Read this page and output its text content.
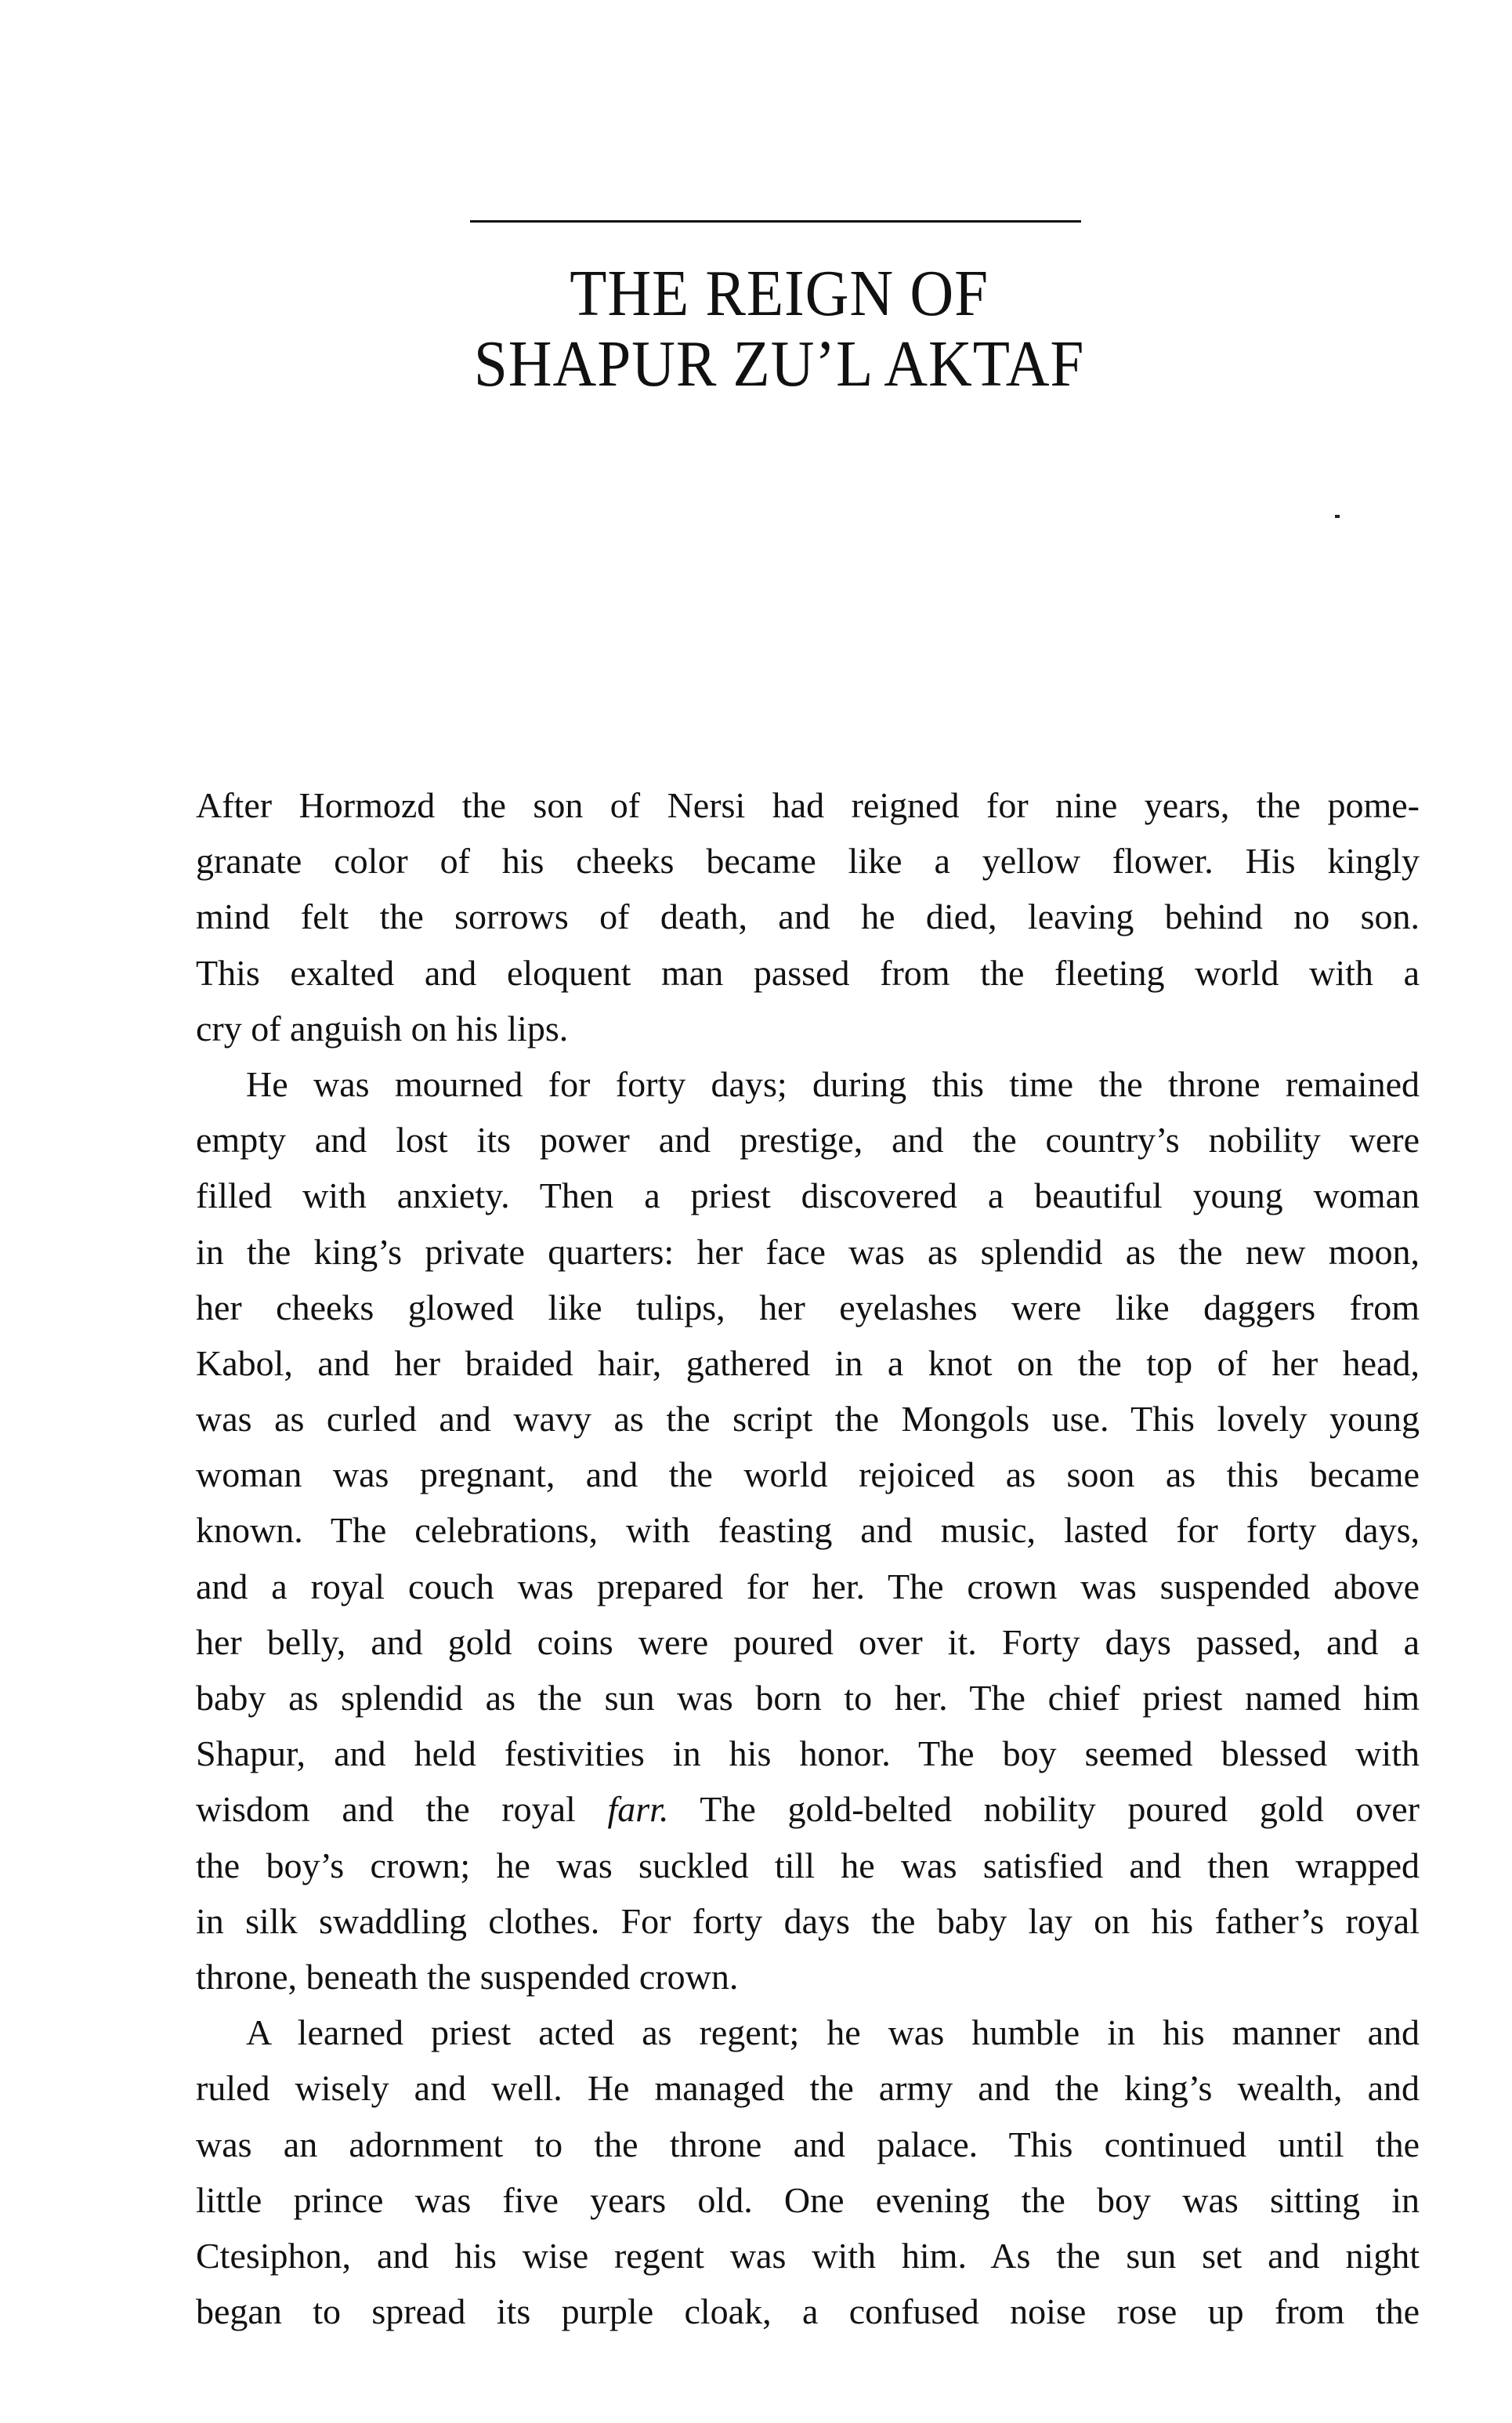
THE REIGN OF
SHAPUR ZU’L AKTAF
After Hormozd the son of Nersi had reigned for nine years, the pome-
granate color of his cheeks became like a yellow flower. His kingly
mind felt the sorrows of death, and he died, leaving behind no son.
This exalted and eloquent man passed from the fleeting world with a
cry of anguish on his lips.
He was mourned for forty days; during this time the throne remained
empty and lost its power and prestige, and the country’s nobility were
filled with anxiety. Then a priest discovered a beautiful young woman
in the king’s private quarters: her face was as splendid as the new moon,
her cheeks glowed like tulips, her eyelashes were like daggers from
Kabol, and her braided hair, gathered in a knot on the top of her head,
was as curled and wavy as the script the Mongols use. This lovely young
woman was pregnant, and the world rejoiced as soon as this became
known. The celebrations, with feasting and music, lasted for forty days,
and a royal couch was prepared for her. The crown was suspended above
her belly, and gold coins were poured over it. Forty days passed, and a
baby as splendid as the sun was born to her. The chief priest named him
Shapur, and held festivities in his honor. The boy seemed blessed with
wisdom and the royal farr. The gold-belted nobility poured gold over
the boy’s crown; he was suckled till he was satisfied and then wrapped
in silk swaddling clothes. For forty days the baby lay on his father’s royal
throne, beneath the suspended crown.
A learned priest acted as regent; he was humble in his manner and
ruled wisely and well. He managed the army and the king’s wealth, and
was an adornment to the throne and palace. This continued until the
little prince was five years old. One evening the boy was sitting in
Ctesiphon, and his wise regent was with him. As the sun set and night
began to spread its purple cloak, a confused noise rose up from the
